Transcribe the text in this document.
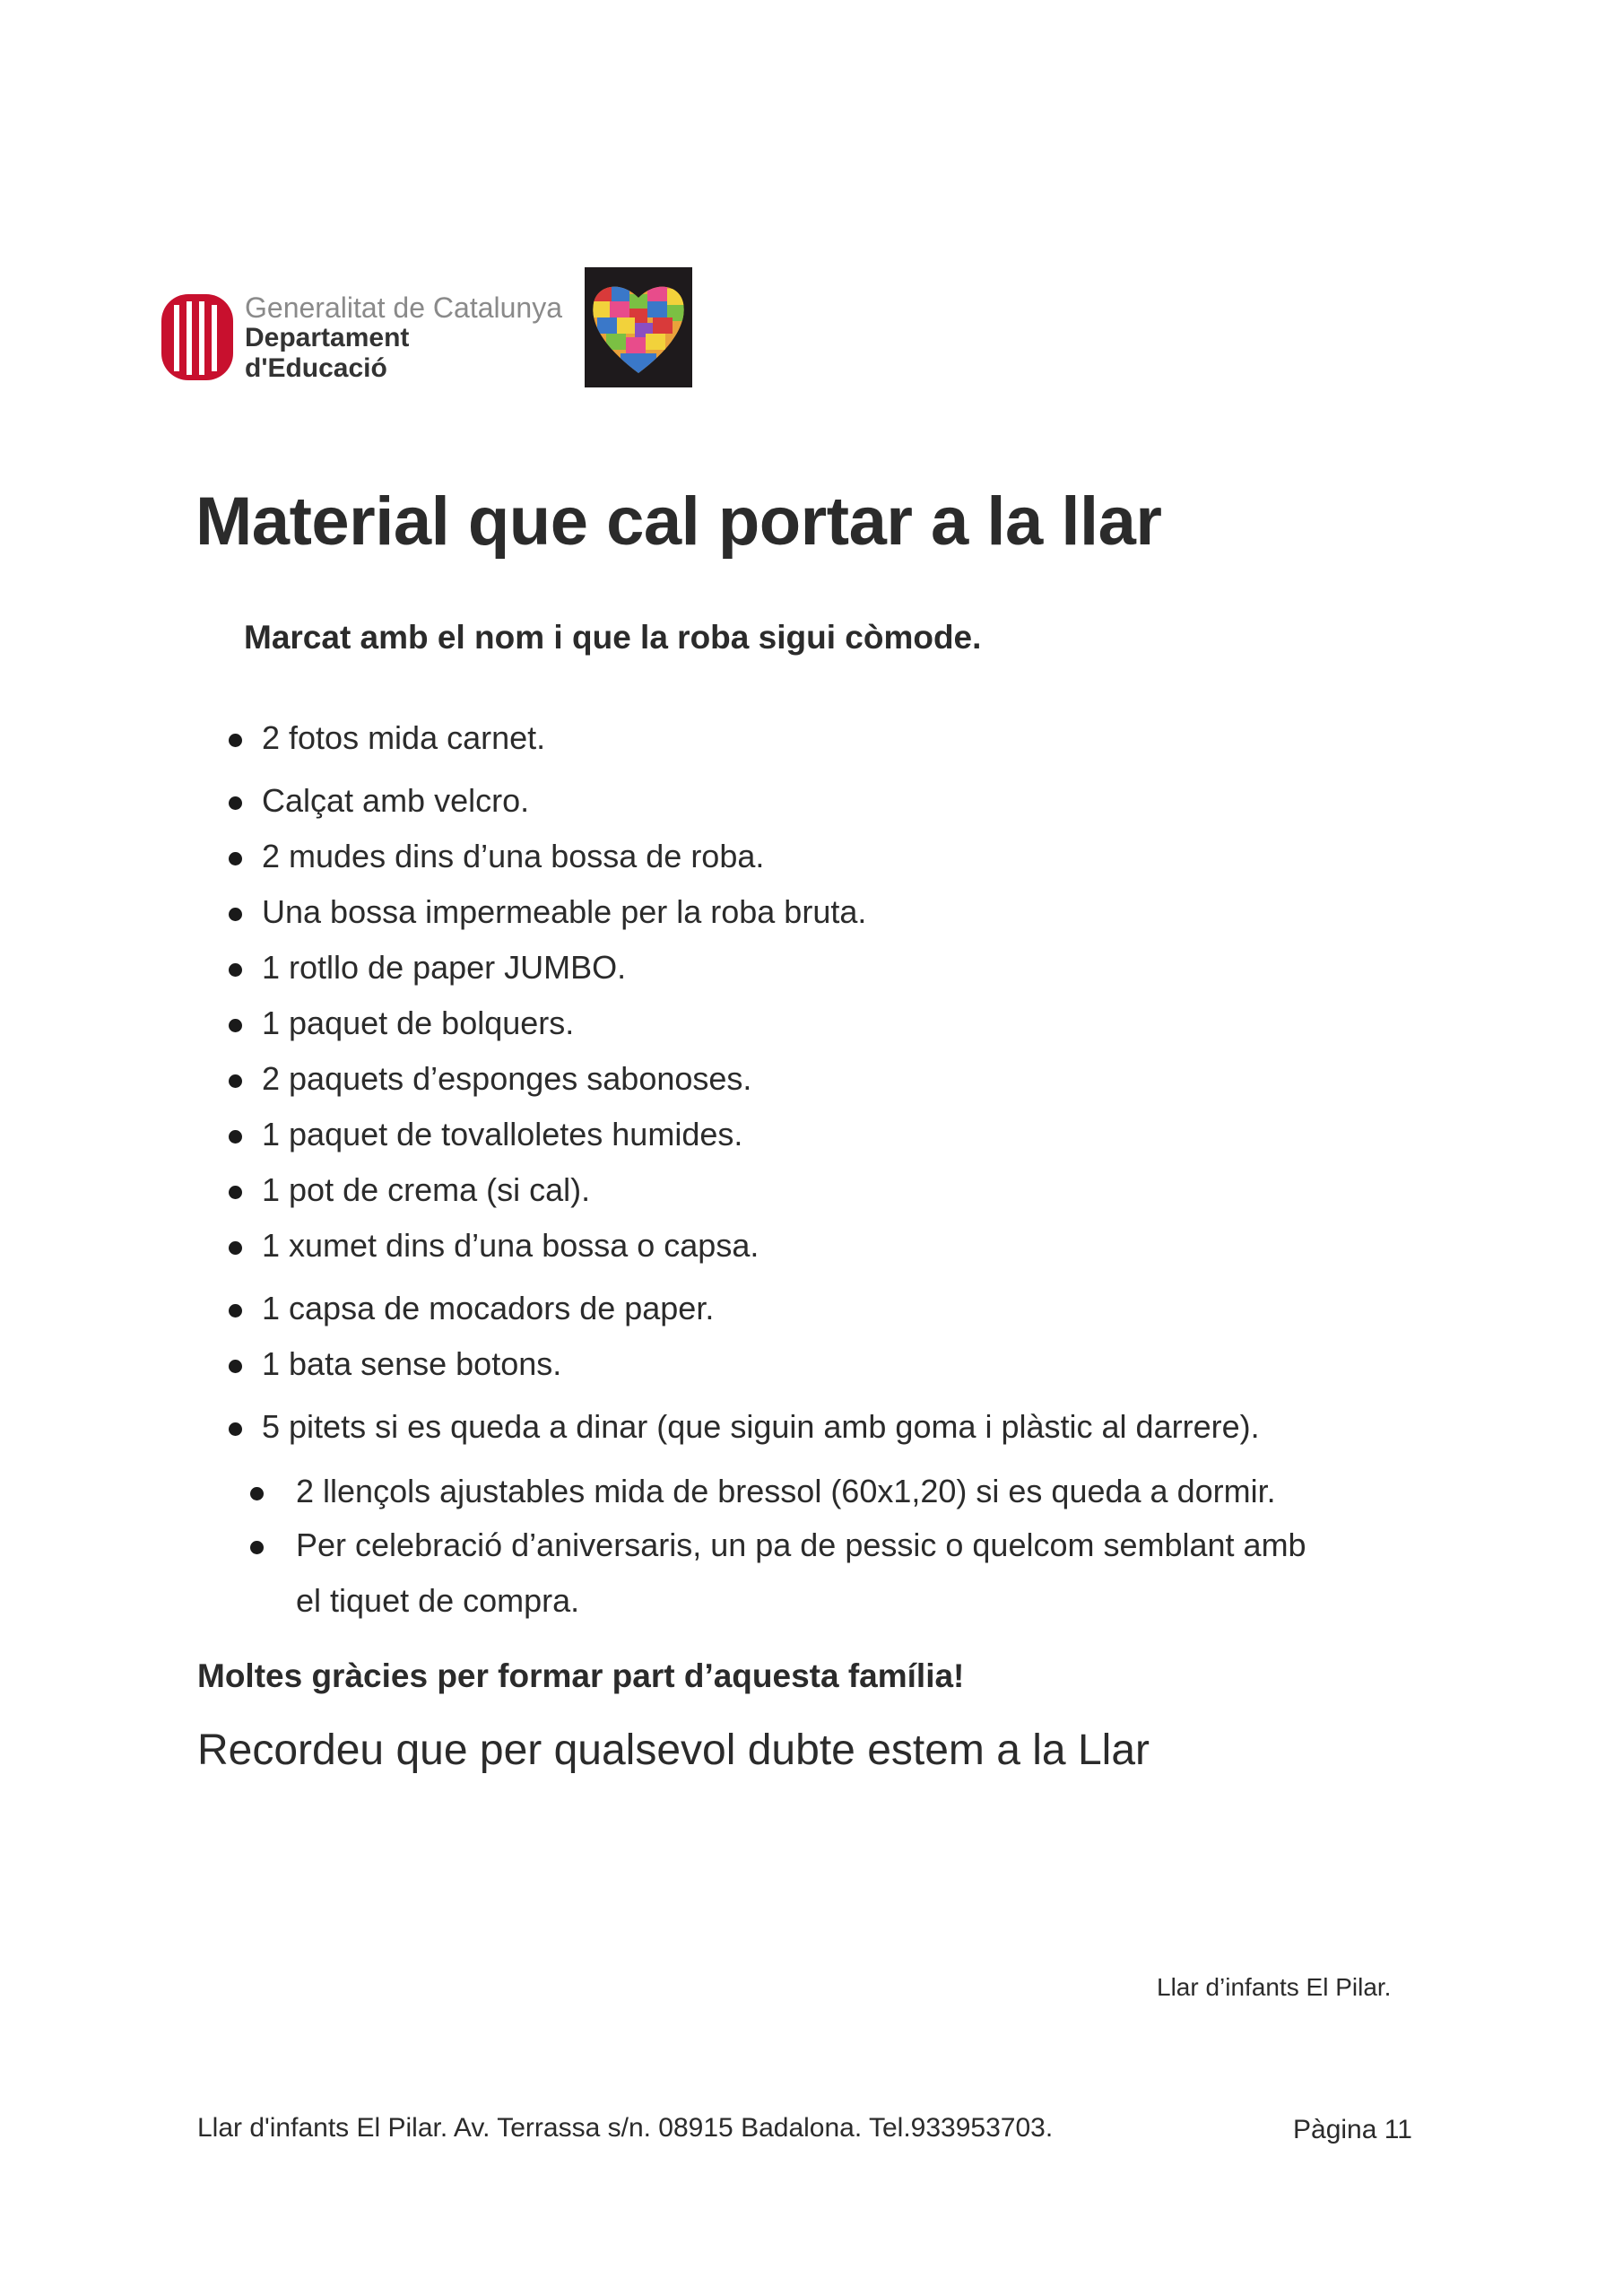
Generalitat de Catalunya
Departament
d'Educació
Material que cal portar a la llar
Marcat amb el nom i que la roba sigui còmode.
2 fotos mida carnet.
Calçat amb velcro.
2 mudes dins d’una bossa de roba.
Una bossa impermeable per la roba bruta.
1 rotllo de paper JUMBO.
1 paquet de bolquers.
2 paquets d’esponges sabonoses.
1 paquet de tovalloletes humides.
1 pot de crema (si cal).
1 xumet dins d’una bossa o capsa.
1 capsa de mocadors de paper.
1 bata sense botons.
5 pitets si es queda a dinar (que siguin amb goma i plàstic al darrere).
2 llençols ajustables mida de bressol (60x1,20) si es queda a dormir.
Per celebració d’aniversaris, un pa de pessic o quelcom semblant amb
el tiquet de compra.
Moltes gràcies per formar part d’aquesta família!
Recordeu que per qualsevol dubte estem a la Llar
Llar d’infants El Pilar.
Llar d'infants El Pilar. Av. Terrassa s/n. 08915 Badalona. Tel.933953703.	Pàgina 11
